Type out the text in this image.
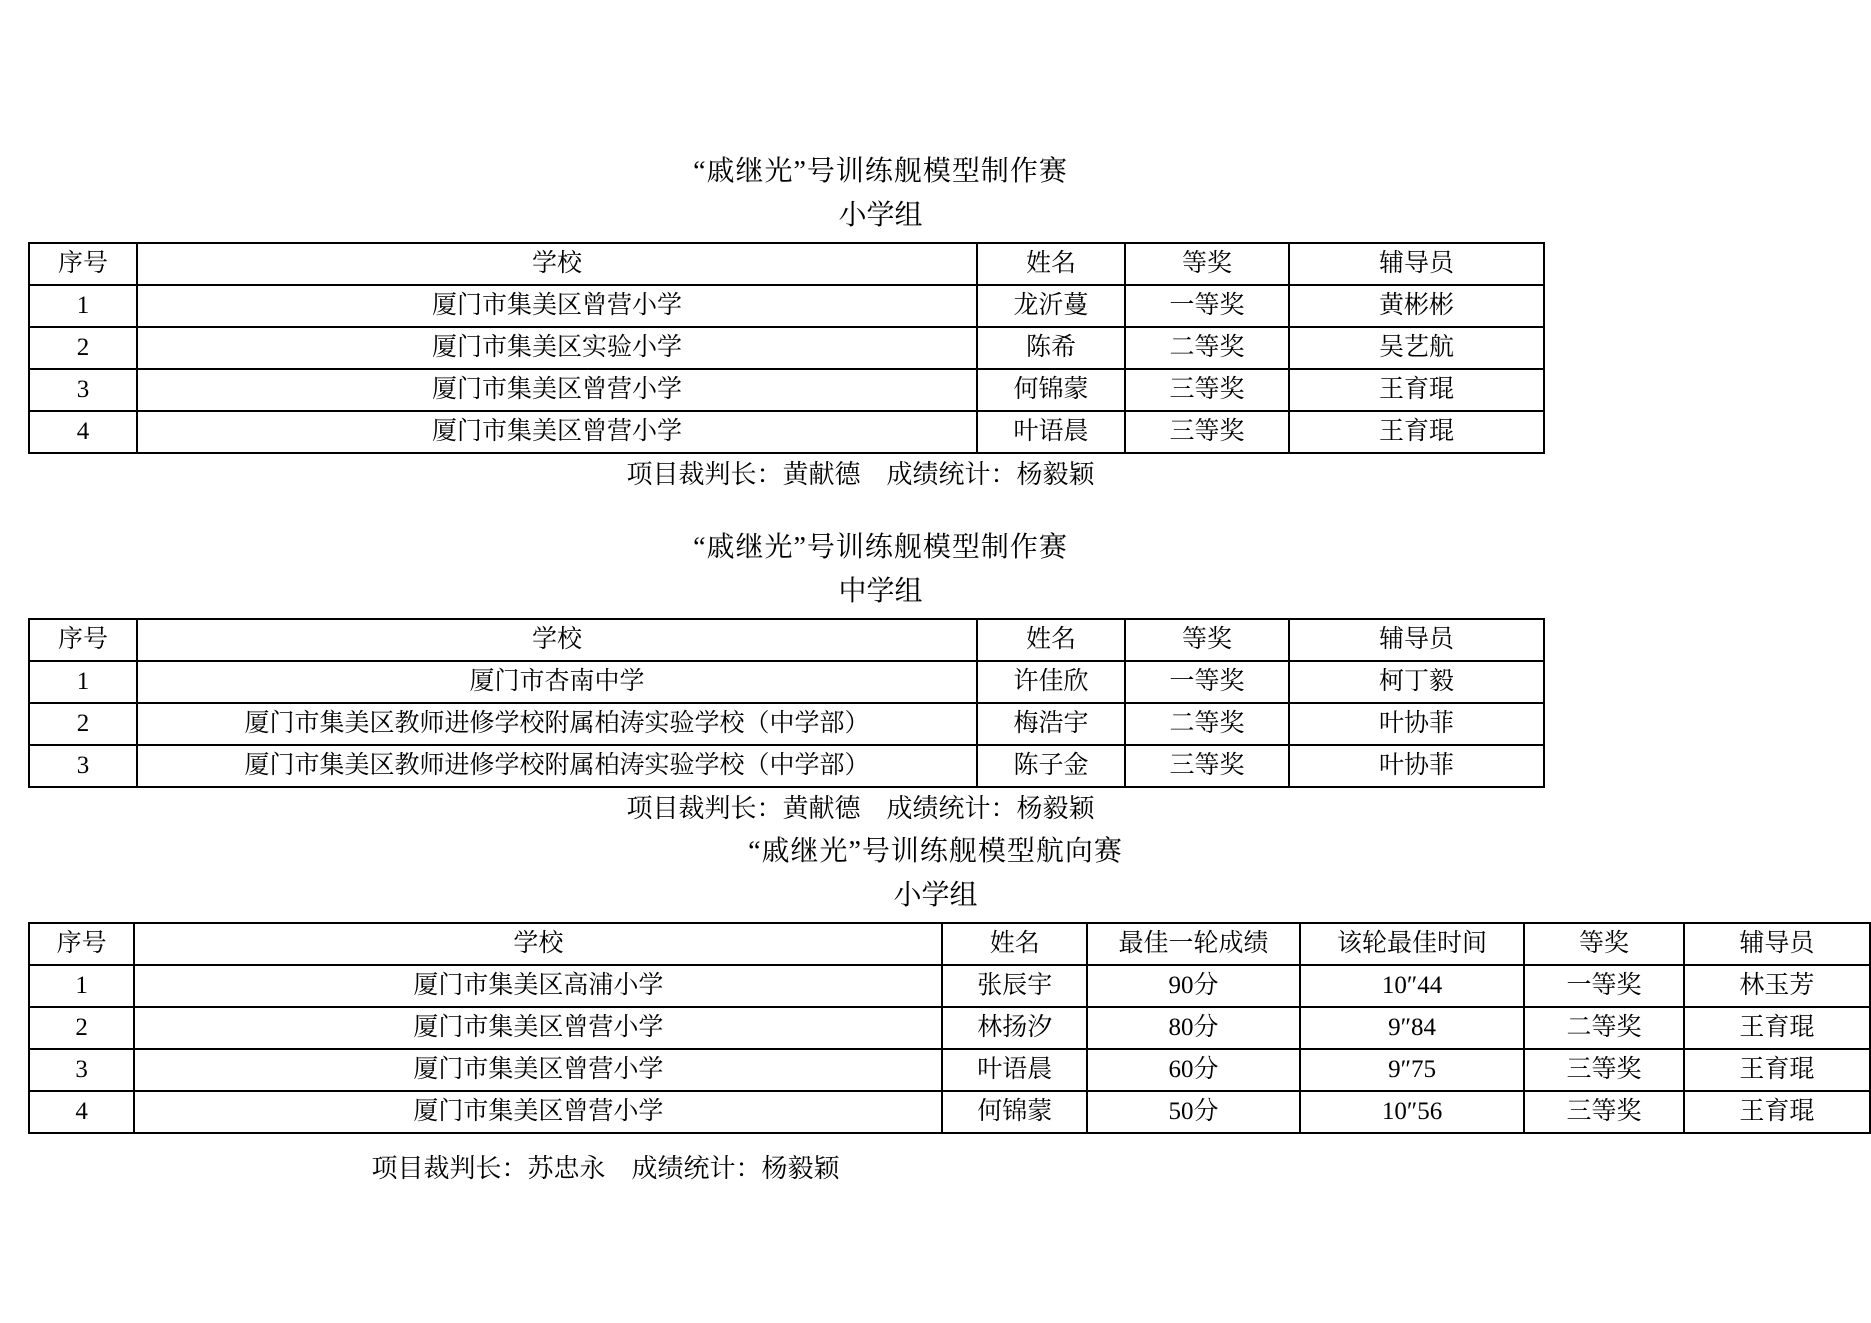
“戚继光”号训练舰模型制作赛
小学组
序号	学校	姓名	等奖	辅导员
1	厦门市集美区曾营小学	龙沂蔓	一等奖	黄彬彬
2	厦门市集美区实验小学	陈希	二等奖	吴艺航
3	厦门市集美区曾营小学	何锦蒙	三等奖	王育琨
4	厦门市集美区曾营小学	叶语晨	三等奖	王育琨
项目裁判长：黄献德    成绩统计：杨毅颖
“戚继光”号训练舰模型制作赛
中学组
序号	学校	姓名	等奖	辅导员
1	厦门市杏南中学	许佳欣	一等奖	柯丁毅
2	厦门市集美区教师进修学校附属柏涛实验学校（中学部）	梅浩宇	二等奖	叶协菲
3	厦门市集美区教师进修学校附属柏涛实验学校（中学部）	陈子金	三等奖	叶协菲
项目裁判长：黄献德    成绩统计：杨毅颖
“戚继光”号训练舰模型航向赛
小学组
序号	学校	姓名	最佳一轮成绩	该轮最佳时间	等奖	辅导员
1	厦门市集美区高浦小学	张辰宇	90分	10″44	一等奖	林玉芳
2	厦门市集美区曾营小学	林扬汐	80分	9″84	二等奖	王育琨
3	厦门市集美区曾营小学	叶语晨	60分	9″75	三等奖	王育琨
4	厦门市集美区曾营小学	何锦蒙	50分	10″56	三等奖	王育琨
项目裁判长：苏忠永    成绩统计：杨毅颖
